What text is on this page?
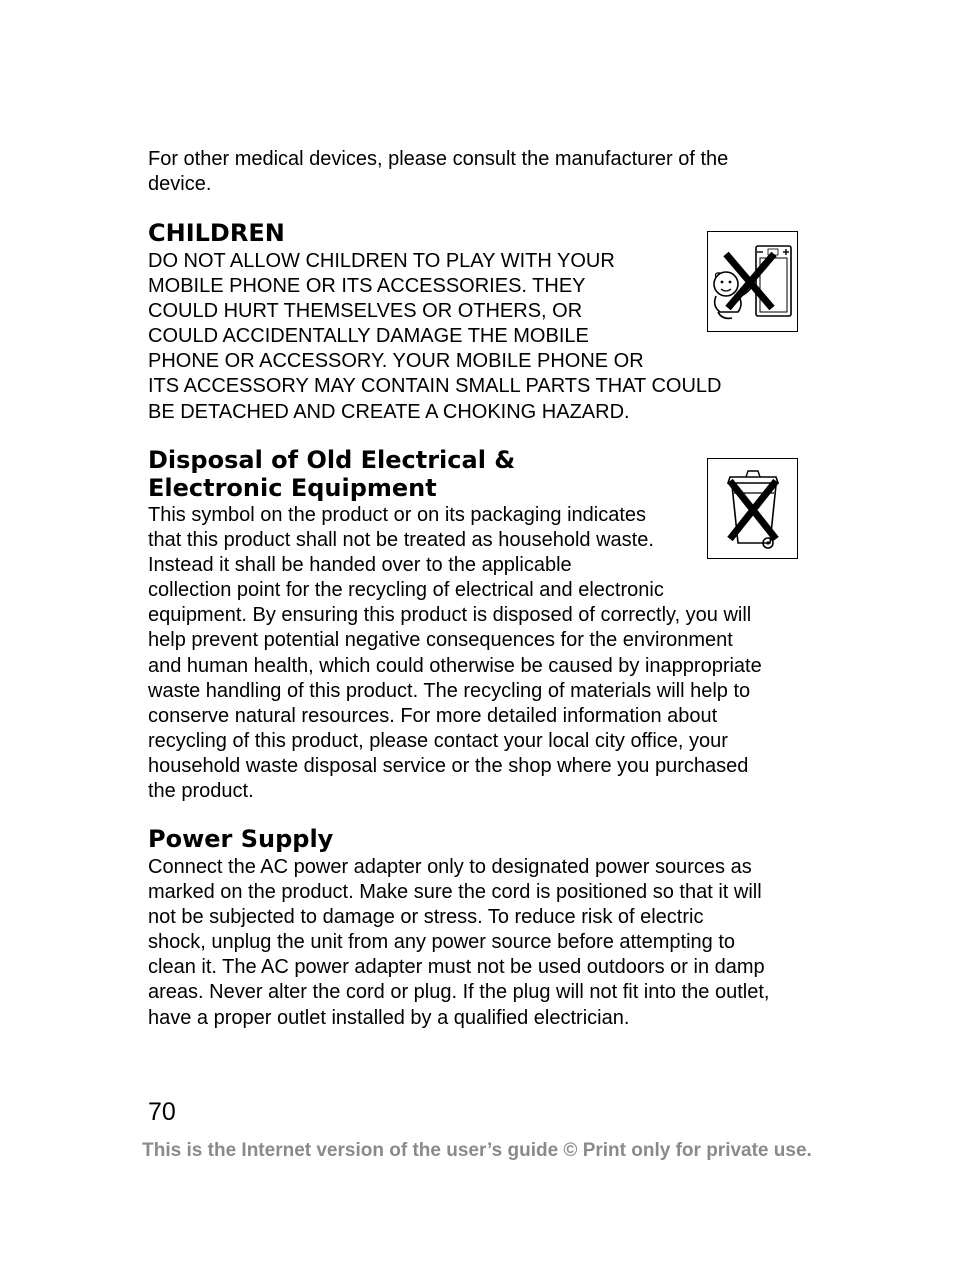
For other medical devices, please consult the manufacturer of the
device.

CHILDREN

DO NOT ALLOW CHILDREN TO PLAY WITH YOUR
MOBILE PHONE OR ITS ACCESSORIES. THEY
COULD HURT THEMSELVES OR OTHERS, OR
COULD ACCIDENTALLY DAMAGE THE MOBILE
PHONE OR ACCESSORY. YOUR MOBILE PHONE OR
ITS ACCESSORY MAY CONTAIN SMALL PARTS THAT COULD
BE DETACHED AND CREATE A CHOKING HAZARD.

Disposal of Old Electrical &
Electronic Equipment

This symbol on the product or on its packaging indicates
that this product shall not be treated as household waste.
Instead it shall be handed over to the applicable
collection point for the recycling of electrical and electronic
equipment. By ensuring this product is disposed of correctly, you will
help prevent potential negative consequences for the environment
and human health, which could otherwise be caused by inappropriate
waste handling of this product. The recycling of materials will help to
conserve natural resources. For more detailed information about
recycling of this product, please contact your local city office, your
household waste disposal service or the shop where you purchased
the product.

Power Supply

Connect the AC power adapter only to designated power sources as
marked on the product. Make sure the cord is positioned so that it will
not be subjected to damage or stress. To reduce risk of electric
shock, unplug the unit from any power source before attempting to
clean it. The AC power adapter must not be used outdoors or in damp
areas. Never alter the cord or plug. If the plug will not fit into the outlet,
have a proper outlet installed by a qualified electrician.

70
This is the Internet version of the user’s guide © Print only for private use.
